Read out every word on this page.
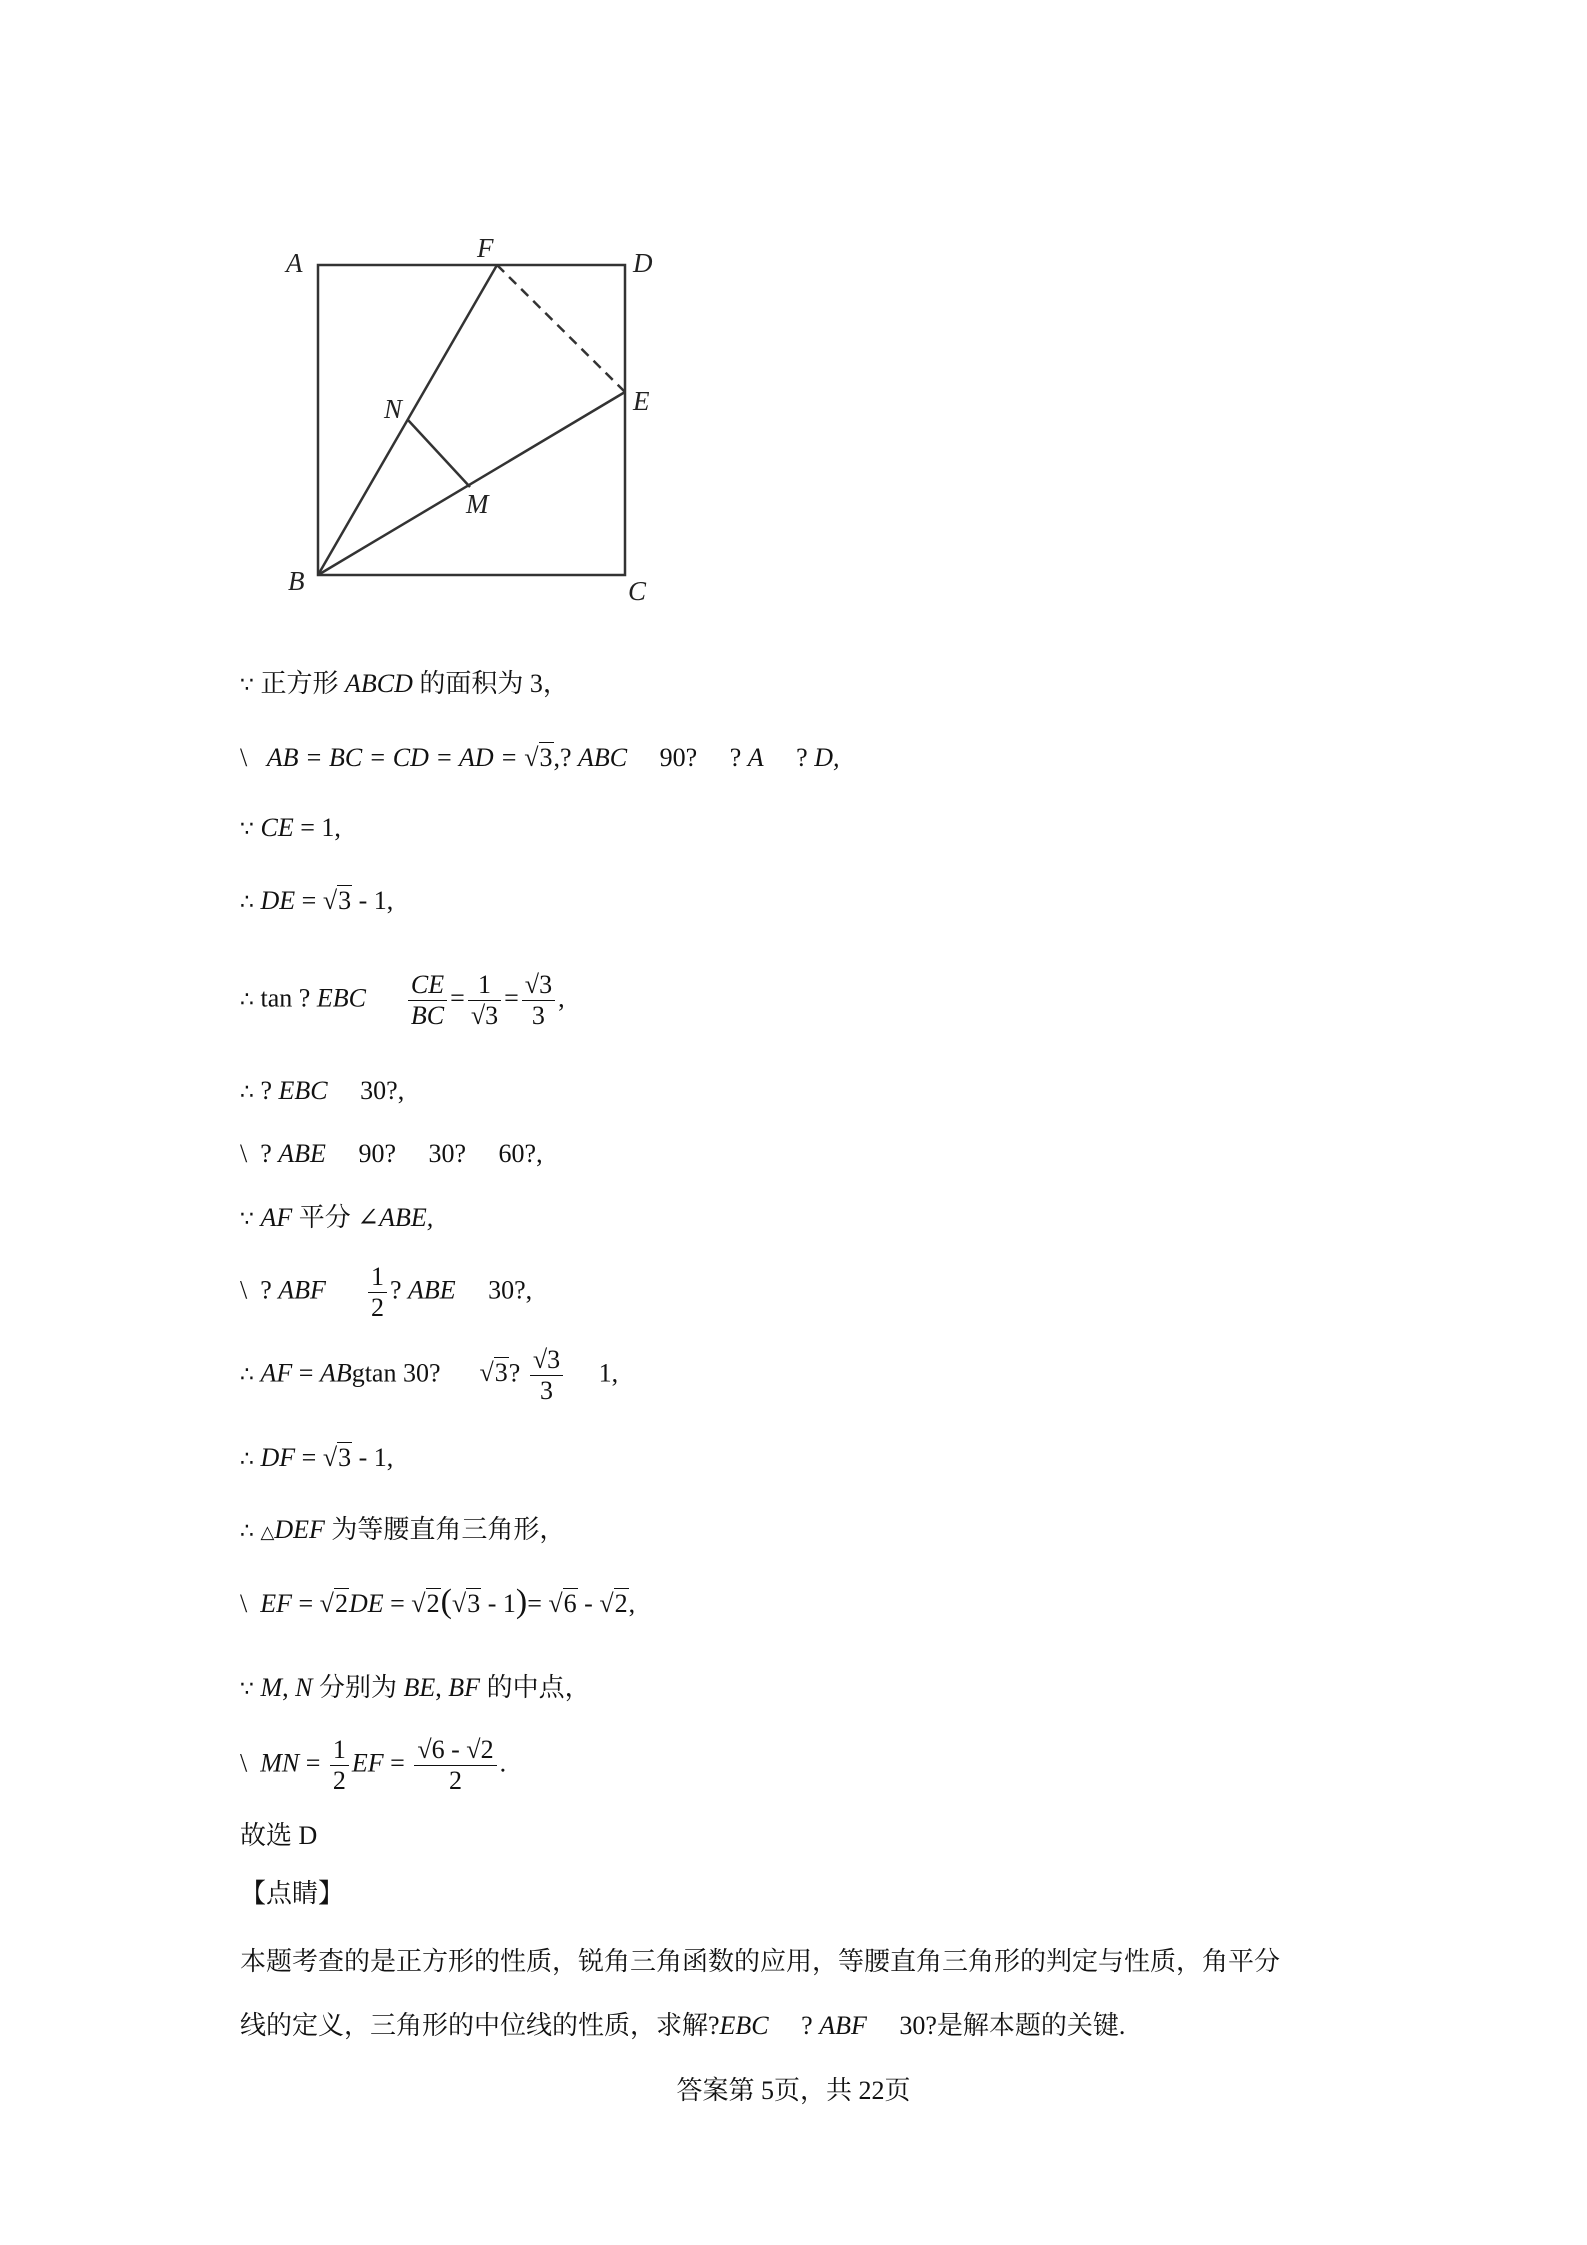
A	F	D
E
N
M
B	C
∵ 正方形 ABCD 的面积为 3，
\ AB = BC = CD = AD = √3,? ABC 90? ? A ? D,
∵ CE = 1,
∴ DE = √3 - 1,
∴ tan ? EBC $\frac{CE}{BC} = \frac{1}{√3} = \frac{√3}{3}$ ,
∴ ? EBC 30?,
\ ? ABE 90? 30? 60?,
∵ AF 平分 ∠ABE,
\ ? ABF $\frac{1}{2}$ ? ABE 30?,
∴ AF = ABgtan 30? √3? $\frac{√3}{3} 1$,
∴ DF = √3 - 1,
∴ △DEF 为等腰直角三角形，
\ EF = √2DE = √2(√3 - 1)= √6 - √2,
∵ M, N 分别为 BE, BF 的中点，
\ MN = $\frac{1}{2}$ EF = $\frac{√6 - √2}{2}$ .
故选 D
【点睛】
本题考查的是正方形的性质，锐角三角函数的应用，等腰直角三角形的判定与性质，角平分
线的定义，三角形的中位线的性质，求解?EBC ? ABF 30?是解本题的关键.
答案第 5页，共 22页
